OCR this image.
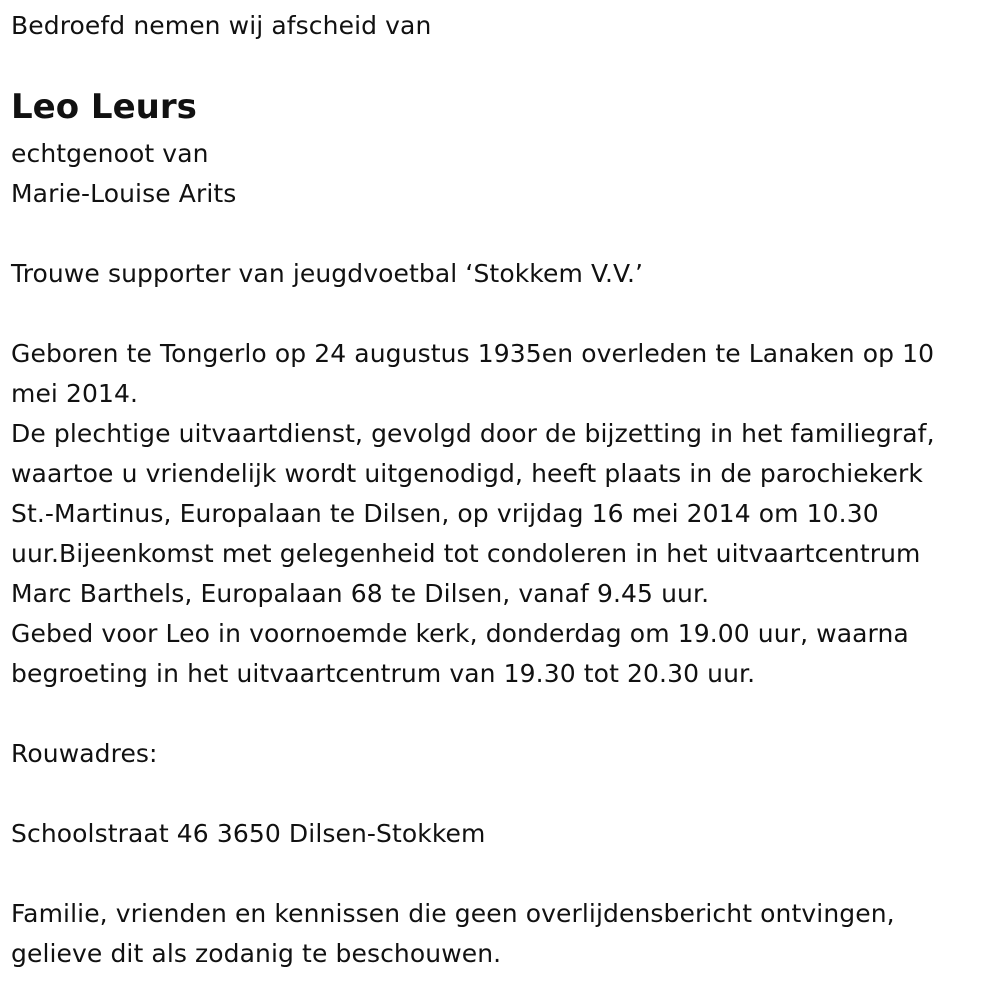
Bedroefd nemen wij afscheid van
Leo Leurs
echtgenoot van
Marie-Louise Arits
Trouwe supporter van jeugdvoetbal ‘Stokkem V.V.’
Geboren te Tongerlo op 24 augustus 1935en overleden te Lanaken op 10
mei 2014.
De plechtige uitvaartdienst, gevolgd door de bijzetting in het familiegraf,
waartoe u vriendelijk wordt uitgenodigd, heeft plaats in de parochiekerk
St.-Martinus, Europalaan te Dilsen, op vrijdag 16 mei 2014 om 10.30
uur.Bijeenkomst met gelegenheid tot condoleren in het uitvaartcentrum
Marc Barthels, Europalaan 68 te Dilsen, vanaf 9.45 uur.
Gebed voor Leo in voornoemde kerk, donderdag om 19.00 uur, waarna
begroeting in het uitvaartcentrum van 19.30 tot 20.30 uur.
Rouwadres:
Schoolstraat 46 3650 Dilsen-Stokkem
Familie, vrienden en kennissen die geen overlijdensbericht ontvingen,
gelieve dit als zodanig te beschouwen.
